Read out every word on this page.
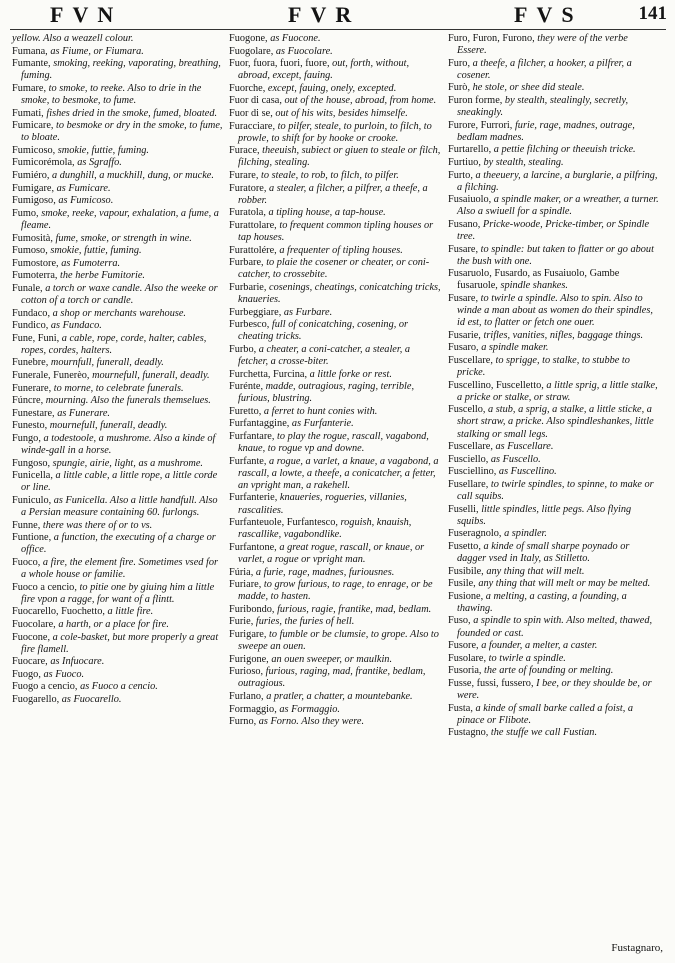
FVN	FVR	FVS	141
yellow. Also a weazell colour.
Fumana, as Fiume, or Fiumara.
Fumante, smoking, reeking, vaporating, breathing, fuming.
Fumare, to smoke, to reeke. Also to drie in the smoke, to besmoke, to fume.
Fumati, fishes dried in the smoke, fumed, bloated.
Fumicare, to besmoke or dry in the smoke, to fume, to bloate.
Fumicoso, smokie, futtie, fuming.
Fumicorémola, as Sgraffo.
Fumiéro, a dunghill, a muckhill, dung, or mucke.
Fumigare, as Fumicare.
Fumigoso, as Fumicoso.
Fumo, smoke, reeke, vapour, exhalation, a fume, a fleame.
Fumosità, fume, smoke, or strength in wine.
Fumoso, smokie, futtie, fuming.
Fumostore, as Fumoterra.
Fumoterra, the herbe Fumitorie.
Funale, a torch or waxe candle. Also the weeke or cotton of a torch or candle.
Fundaco, a shop or merchants warehouse.
Fundico, as Fundaco.
Fune, Funi, a cable, rope, corde, halter, cables, ropes, cordes, halters.
Funebre, mournfull, funerall, deadly.
Funerale, Funerèo, mournefull, funerall, deadly.
Funerare, to morne, to celebrate funerals.
Fúncre, mourning. Also the funerals themselues.
Funestare, as Funerare.
Funesto, mournefull, funerall, deadly.
Fungo, a todestoole, a mushrome. Also a kinde of winde-gall in a horse.
Fungoso, spungie, airie, light, as a mushrome.
Funicella, a little cable, a little rope, a little corde or line.
Funiculo, as Funicella. Also a little handfull. Also a Persian measure containing 60. furlongs.
Funne, there was there of or to vs.
Funtione, a function, the executing of a charge or office.
Fuoco, a fire, the element fire. Sometimes vsed for a whole house or familie.
Fuoco a cencio, to pitie one by giuing him a little fire vpon a ragge, for want of a flintt.
Fuocarello, Fuochetto, a little fire.
Fuocolare, a harth, or a place for fire.
Fuocone, a cole-basket, but more properly a great fire flamell.
Fuocare, as Infuocare.
Fuogo, as Fuoco.
Fuogo a cencio, as Fuoco a cencio.
Fuogarello, as Fuocarello.
Fuogone, as Fuocone.
Fuogolare, as Fuocolare.
Fuor, fuora, fuori, fuore, out, forth, without, abroad, except, fauing.
Fuorche, except, fauing, onely, excepted.
Fuor di casa, out of the house, abroad, from home.
Fuor di se, out of his wits, besides himselfe.
Furacciare, to pilfer, steale, to purloin, to filch, to prowle, to shift for by hooke or crooke.
Furace, theeuish, subiect or giuen to steale or filch, filching, stealing.
Furare, to steale, to rob, to filch, to pilfer.
Furatore, a stealer, a filcher, a pilfrer, a theefe, a robber.
Furatola, a tipling house, a tap-house.
Furattolare, to frequent common tipling houses or tap houses.
Furattolére, a frequenter of tipling houses.
Furbare, to plaie the cosener or cheater, or coni-catcher, to crossebite.
Furbarie, cosenings, cheatings, conicatching tricks, knaueries.
Furbeggiare, as Furbare.
Furbesco, full of conicatching, cosening, or cheating tricks.
Furbo, a cheater, a coni-catcher, a stealer, a fetcher, a crosse-biter.
Furchetta, Furcina, a little forke or rest.
Furénte, madde, outragious, raging, terrible, furious, blustring.
Furetto, a ferret to hunt conies with.
Furfantaggine, as Furfanterie.
Furfantare, to play the rogue, rascall, vagabond, knaue, to rogue vp and downe.
Furfante, a rogue, a varlet, a knaue, a vagabond, a rascall, a lowte, a theefe, a conicatcher, a fetter, an vpright man, a rakehell.
Furfanterie, knaueries, rogueries, villanies, rascalities.
Furfanteuole, Furfantesco, roguish, knauish, rascallike, vagabondlike.
Furfantone, a great rogue, rascall, or knaue, or varlet, a rogue or vpright man.
Fúria, a furie, rage, madnes, furiousnes.
Furiare, to grow furious, to rage, to enrage, or be madde, to hasten.
Furibondo, furious, ragie, frantike, mad, bedlam.
Furie, furies, the furies of hell.
Furigare, to fumble or be clumsie, to grope. Also to sweepe an ouen.
Furigone, an ouen sweeper, or maulkin.
Furioso, furious, raging, mad, frantike, bedlam, outragious.
Furlano, a pratler, a chatter, a mountebanke.
Formaggio, as Formaggio.
Furno, as Forno. Also they were.
Furo, Furon, Furono, they were of the verbe Essere.
Furo, a theefe, a filcher, a hooker, a pilfrer, a cosener.
Furò, he stole, or shee did steale.
Furon forme, by stealth, stealingly, secretly, sneakingly.
Furore, Furrori, furie, rage, madnes, outrage, bedlam madnes.
Furtarello, a pettie filching or theeuish tricke.
Furtiuo, by stealth, stealing.
Furto, a theeuery, a larcine, a burglarie, a pilfring, a filching.
Fusaiuolo, a spindle maker, or a wreather, a turner. Also a swiuell for a spindle.
Fusano, Pricke-woode, Pricke-timber, or Spindle tree.
Fusare, to spindle: but taken to flatter or go about the bush with one.
Fusaruolo, Fusardo, as Fusaiuolo, Gambe fusaruole, spindle shankes.
Fusare, to twirle a spindle. Also to spin. Also to winde a man about as women do their spindles, id est, to flatter or fetch one ouer.
Fusarie, trifles, vanities, nifles, baggage things.
Fusaro, a spindle maker.
Fuscellare, to sprigge, to stalke, to stubbe to pricke.
Fuscellino, Fuscelletto, a little sprig, a little stalke, a pricke or stalke, or straw.
Fuscello, a stub, a sprig, a stalke, a little sticke, a short straw, a pricke. Also spindleshankes, little stalking or small legs.
Fuscellare, as Fuscellare.
Fusciello, as Fuscello.
Fusciellino, as Fuscellino.
Fusellare, to twirle spindles, to spinne, to make or call squibs.
Fuselli, little spindles, little pegs. Also flying squibs.
Fuseragnolo, a spindler.
Fusetto, a kinde of small sharpe poynado or dagger vsed in Italy, as Stilletto.
Fusibile, any thing that will melt.
Fusile, any thing that will melt or may be melted.
Fusione, a melting, a casting, a founding, a thawing.
Fuso, a spindle to spin with. Also melted, thawed, founded or cast.
Fusore, a founder, a melter, a caster.
Fusolare, to twirle a spindle.
Fusoria, the arte of founding or melting.
Fusse, fussi, fussero, I bee, or they shoulde be, or were.
Fusta, a kinde of small barke called a foist, a pinace or Flibote.
Fustagno, the stuffe we call Fustian.
Fustagnaro,
